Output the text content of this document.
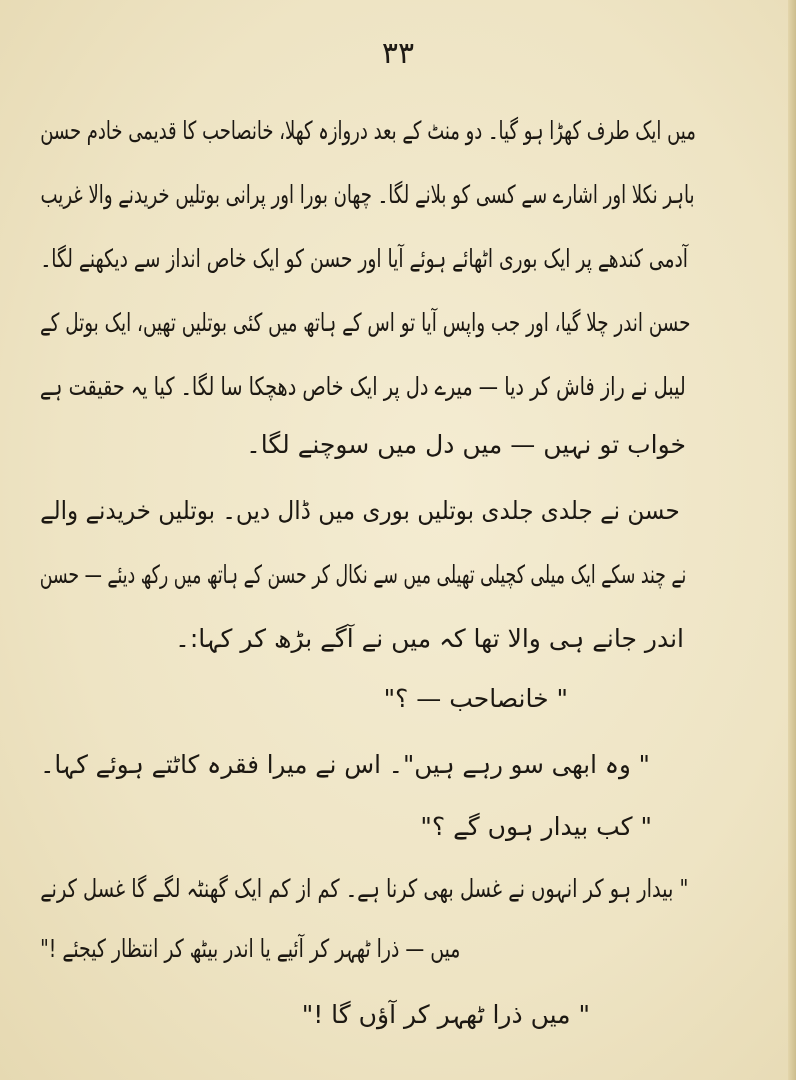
۳۳
میں ایک طرف کھڑا ہو گیا۔ دو منٹ کے بعد دروازہ کھلا، خانصاحب کا قدیمی خادم حسن
باہر نکلا اور اشارے سے کسی کو بلانے لگا۔ چھان بورا اور پرانی بوتلیں خریدنے والا غریب
آدمی کندھے پر ایک بوری اٹھائے ہوئے آیا اور حسن کو ایک خاص انداز سے دیکھنے لگا۔
حسن اندر چلا گیا، اور جب واپس آیا تو اس کے ہاتھ میں کئی بوتلیں تھیں، ایک بوتل کے
لیبل نے راز فاش کر دیا — میرے دل پر ایک خاص دھچکا سا لگا۔ کیا یہ حقیقت ہے
خواب تو نہیں — میں دل میں سوچنے لگا۔
حسن نے جلدی جلدی بوتلیں بوری میں ڈال دیں۔ بوتلیں خریدنے والے
نے چند سکے ایک میلی کچیلی تھیلی میں سے نکال کر حسن کے ہاتھ میں رکھ دیئے — حسن
اندر جانے ہی والا تھا کہ میں نے آگے بڑھ کر کہا:۔
" خانصاحب — ؟"
" وہ ابھی سو رہے ہیں"۔ اس نے میرا فقرہ کاٹتے ہوئے کہا۔
" کب بیدار ہوں گے ؟"
" بیدار ہو کر انہوں نے غسل بھی کرنا ہے۔ کم از کم ایک گھنٹہ لگے گا غسل کرنے
میں — ذرا ٹھہر کر آئیے یا اندر بیٹھ کر انتظار کیجئے !"
" میں ذرا ٹھہر کر آؤں گا !"
